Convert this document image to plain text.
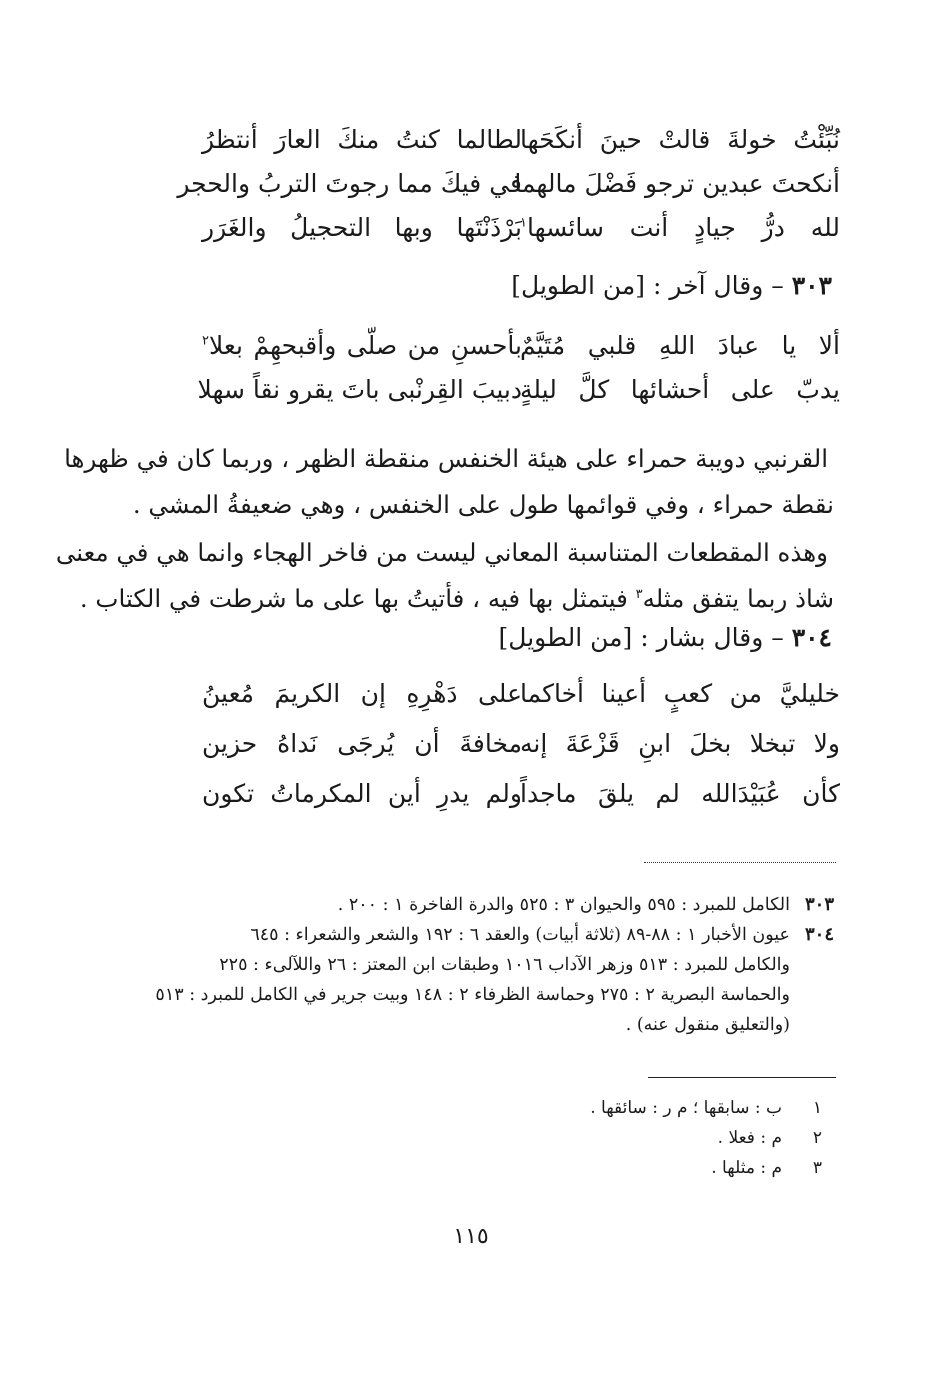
نُبِّئْتُ خولةَ قالتْ حينَ أنكَحَها
لطالما كنتُ منكَ العارَ أنتظرُ
أنكحتَ عبدين ترجو فَضْلَ مالهما
في فيكَ مما رجوتَ التربُ والحجر
لله درُّ جيادٍ أنت سائسها$^١$
بَرْذَنْتَها وبها التحجيلُ والغَرَر
٣٠٣ – وقال آخر : [من الطويل]
ألا يا عبادَ اللهِ قلبي مُتَيَّمٌ
بأحسنِ من صلّى وأقبحهِمْ بعلا$^٢$
يدبّ على أحشائها كلَّ ليلةٍ
دبيبَ القِرنْبى باتَ يقرو نقاً سهلا
القرنبي دويبة حمراء على هيئة الخنفس منقطة الظهر ، وربما كان في ظهرها
نقطة حمراء ، وفي قوائمها طول على الخنفس ، وهي ضعيفةُ المشي .
وهذه المقطعات المتناسبة المعاني ليست من فاخر الهجاء وانما هي في معنى
شاذ ربما يتفق مثله$^٣$ فيتمثل بها فيه ، فأتيتُ بها على ما شرطت في الكتاب .
٣٠٤ – وقال بشار : [من الطويل]
خليليَّ من كعبٍ أعينا أخاكما
على دَهْرِهِ إن الكريمَ مُعينُ
ولا تبخلا بخلَ ابنِ قَزْعَةَ إنه
مخافةَ أن يُرجَى نَداهُ حزين
كأن عُبَيْدَالله لم يلقَ ماجداً
ولم يدرِ أين المكرماتُ تكون
٣٠٣
الكامل للمبرد : ٥٩٥ والحيوان ٣ : ٥٢٥ والدرة الفاخرة ١ : ٢٠٠ .
٣٠٤
عيون الأخبار ١ : ٨٨-٨٩ (ثلاثة أبيات) والعقد ٦ : ١٩٢ والشعر والشعراء : ٦٤٥
والكامل للمبرد : ٥١٣ وزهر الآداب ١٠١٦ وطبقات ابن المعتز : ٢٦ واللآلىء : ٢٢٥
والحماسة البصرية ٢ : ٢٧٥ وحماسة الظرفاء ٢ : ١٤٨ وبيت جرير في الكامل للمبرد : ٥١٣
(والتعليق منقول عنه) .
١ب : سابقها ؛ م ر : سائقها .
٢م : فعلا .
٣م : مثلها .
١١٥
